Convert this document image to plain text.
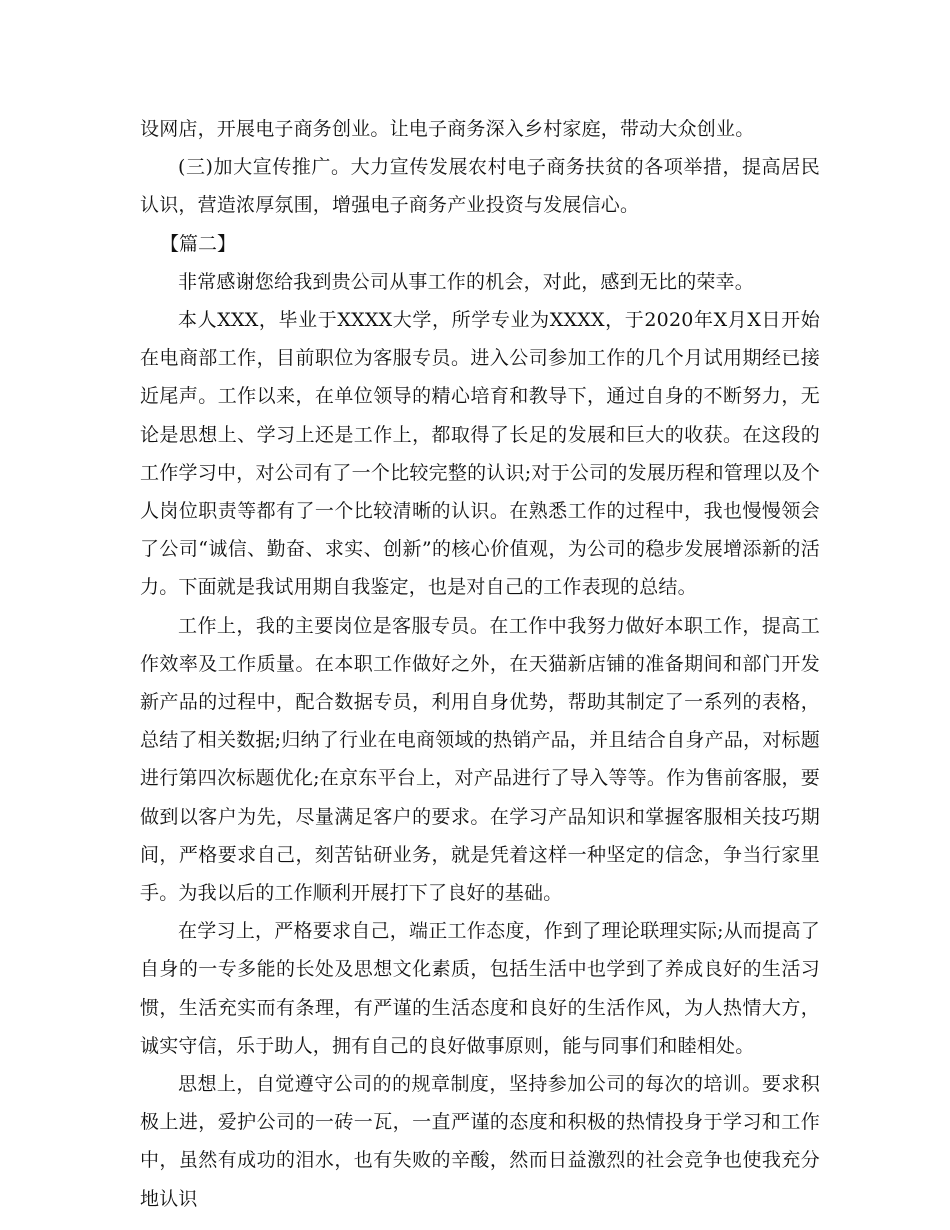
设网店，开展电子商务创业。让电子商务深入乡村家庭，带动大众创业。

(三)加大宣传推广。大力宣传发展农村电子商务扶贫的各项举措，提高居民认识，营造浓厚氛围，增强电子商务产业投资与发展信心。

【篇二】

非常感谢您给我到贵公司从事工作的机会，对此，感到无比的荣幸。

本人XXX，毕业于XXXX大学，所学专业为XXXX，于2020年X月X日开始在电商部工作，目前职位为客服专员。进入公司参加工作的几个月试用期经已接近尾声。工作以来，在单位领导的精心培育和教导下，通过自身的不断努力，无论是思想上、学习上还是工作上，都取得了长足的发展和巨大的收获。在这段的工作学习中，对公司有了一个比较完整的认识;对于公司的发展历程和管理以及个人岗位职责等都有了一个比较清晰的认识。在熟悉工作的过程中，我也慢慢领会了公司“诚信、勤奋、求实、创新”的核心价值观，为公司的稳步发展增添新的活力。下面就是我试用期自我鉴定，也是对自己的工作表现的总结。

工作上，我的主要岗位是客服专员。在工作中我努力做好本职工作，提高工作效率及工作质量。在本职工作做好之外，在天猫新店铺的准备期间和部门开发新产品的过程中，配合数据专员，利用自身优势，帮助其制定了一系列的表格，总结了相关数据;归纳了行业在电商领域的热销产品，并且结合自身产品，对标题进行第四次标题优化;在京东平台上，对产品进行了导入等等。作为售前客服，要做到以客户为先，尽量满足客户的要求。在学习产品知识和掌握客服相关技巧期间，严格要求自己，刻苦钻研业务，就是凭着这样一种坚定的信念，争当行家里手。为我以后的工作顺利开展打下了良好的基础。

在学习上，严格要求自己，端正工作态度，作到了理论联理实际;从而提高了自身的一专多能的长处及思想文化素质，包括生活中也学到了养成良好的生活习惯，生活充实而有条理，有严谨的生活态度和良好的生活作风，为人热情大方，诚实守信，乐于助人，拥有自己的良好做事原则，能与同事们和睦相处。

思想上，自觉遵守公司的的规章制度，坚持参加公司的每次的培训。要求积极上进，爱护公司的一砖一瓦，一直严谨的态度和积极的热情投身于学习和工作中，虽然有成功的泪水，也有失败的辛酸，然而日益激烈的社会竞争也使我充分地认识
